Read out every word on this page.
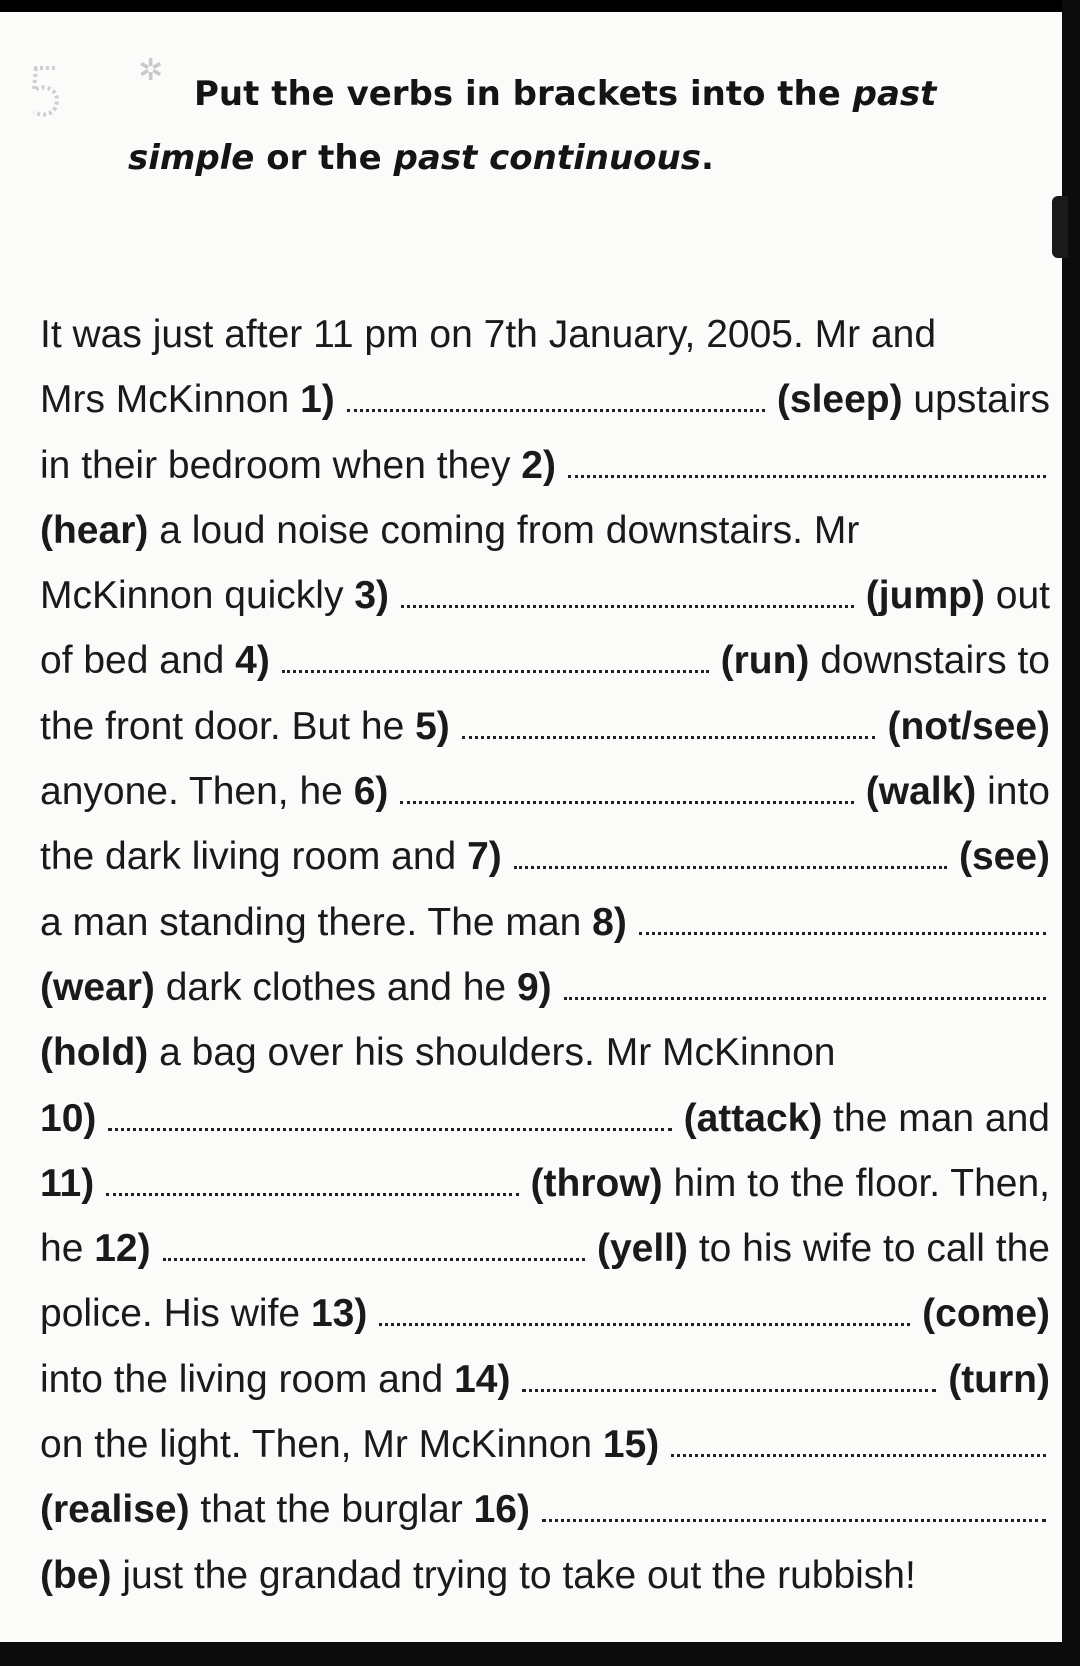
✲

Put the verbs in brackets into the past
simple or the past continuous.

It was just after 11 pm on 7th January, 2005. Mr and
Mrs McKinnon 1)	(sleep) upstairs
in their bedroom when they 2)
(hear) a loud noise coming from downstairs. Mr
McKinnon quickly 3)	(jump) out
of bed and 4)	(run) downstairs to
the front door. But he 5)	(not/see)
anyone. Then, he 6)	(walk) into
the dark living room and 7)	(see)
a man standing there. The man 8)
(wear) dark clothes and he 9)
(hold) a bag over his shoulders. Mr McKinnon
10)	(attack) the man and
11)	(throw) him to the floor. Then,
he 12)	(yell) to his wife to call the
police. His wife 13)	(come)
into the living room and 14)	(turn)
on the light. Then, Mr McKinnon 15)
(realise) that the burglar 16)
(be) just the grandad trying to take out the rubbish!
